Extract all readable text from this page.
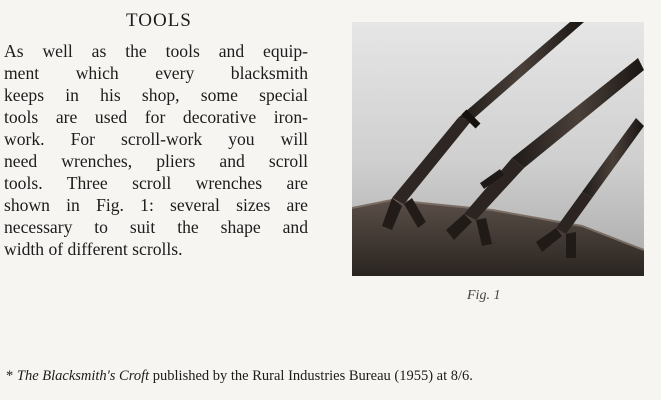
TOOLS
As well as the tools and equip-
ment which every blacksmith
keeps in his shop, some special
tools are used for decorative iron-
work. For scroll-work you will
need wrenches, pliers and scroll
tools. Three scroll wrenches are
shown in Fig. 1: several sizes are
necessary to suit the shape and
width of different scrolls.
Fig. 1
* The Blacksmith's Croft published by the Rural Industries Bureau (1955) at 8/6.
